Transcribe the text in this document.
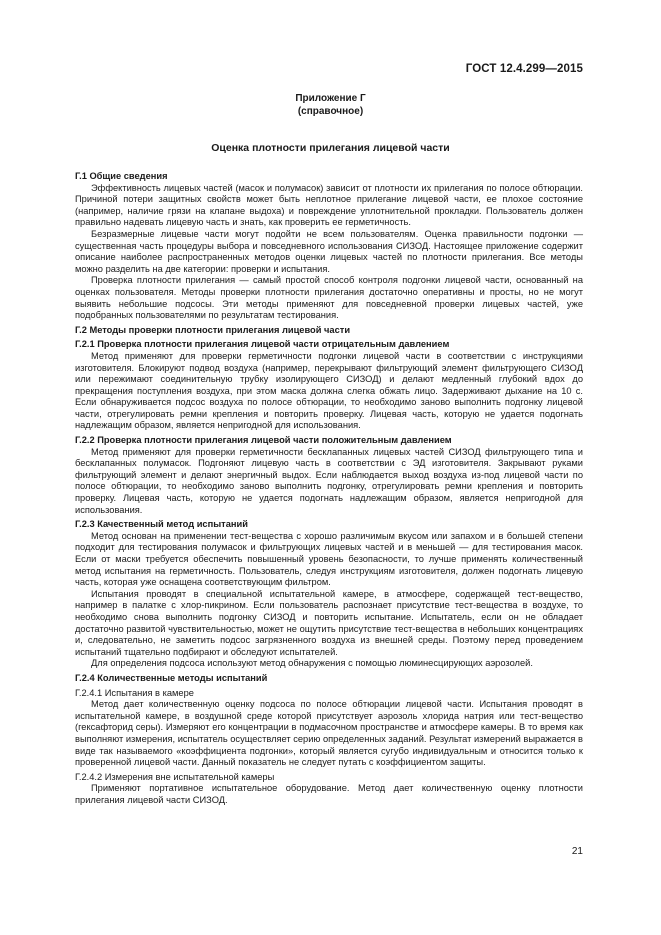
ГОСТ 12.4.299—2015
Приложение Г
(справочное)
Оценка плотности прилегания лицевой части

Г.1 Общие сведения

Эффективность лицевых частей (масок и полумасок) зависит от плотности их прилегания по полосе обтюрации. Причиной потери защитных свойств может быть неплотное прилегание лицевой части, ее плохое состояние (например, наличие грязи на клапане выдоха) и повреждение уплотнительной прокладки. Пользователь должен правильно надевать лицевую часть и знать, как проверить ее герметичность.

Безразмерные лицевые части могут подойти не всем пользователям. Оценка правильности подгонки — существенная часть процедуры выбора и повседневного использования СИЗОД. Настоящее приложение содержит описание наиболее распространенных методов оценки лицевых частей по плотности прилегания. Все методы можно разделить на две категории: проверки и испытания.

Проверка плотности прилегания — самый простой способ контроля подгонки лицевой части, основанный на оценках пользователя. Методы проверки плотности прилегания достаточно оперативны и просты, но не могут выявить небольшие подсосы. Эти методы применяют для повседневной проверки лицевых частей, уже подобранных пользователями по результатам тестирования.

Г.2 Методы проверки плотности прилегания лицевой части

Г.2.1 Проверка плотности прилегания лицевой части отрицательным давлением

Метод применяют для проверки герметичности подгонки лицевой части в соответствии с инструкциями изготовителя. Блокируют подвод воздуха (например, перекрывают фильтрующий элемент фильтрующего СИЗОД или пережимают соединительную трубку изолирующего СИЗОД) и делают медленный глубокий вдох до прекращения поступления воздуха, при этом маска должна слегка обжать лицо. Задерживают дыхание на 10 с. Если обнаруживается подсос воздуха по полосе обтюрации, то необходимо заново выполнить подгонку лицевой части, отрегулировать ремни крепления и повторить проверку. Лицевая часть, которую не удается подогнать надлежащим образом, является непригодной для использования.

Г.2.2 Проверка плотности прилегания лицевой части положительным давлением

Метод применяют для проверки герметичности бесклапанных лицевых частей СИЗОД фильтрующего типа и бесклапанных полумасок. Подгоняют лицевую часть в соответствии с ЭД изготовителя. Закрывают руками фильтрующий элемент и делают энергичный выдох. Если наблюдается выход воздуха из-под лицевой части по полосе обтюрации, то необходимо заново выполнить подгонку, отрегулировать ремни крепления и повторить проверку. Лицевая часть, которую не удается подогнать надлежащим образом, является непригодной для использования.

Г.2.3 Качественный метод испытаний

Метод основан на применении тест-вещества с хорошо различимым вкусом или запахом и в большей степени подходит для тестирования полумасок и фильтрующих лицевых частей и в меньшей — для тестирования масок. Если от маски требуется обеспечить повышенный уровень безопасности, то лучше применять количественный метод испытания на герметичность. Пользователь, следуя инструкциям изготовителя, должен подогнать лицевую часть, которая уже оснащена соответствующим фильтром.

Испытания проводят в специальной испытательной камере, в атмосфере, содержащей тест-вещество, например в палатке с хлор-пикрином. Если пользователь распознает присутствие тест-вещества в воздухе, то необходимо снова выполнить подгонку СИЗОД и повторить испытание. Испытатель, если он не обладает достаточно развитой чувствительностью, может не ощутить присутствие тест-вещества в небольших концентрациях и, следовательно, не заметить подсос загрязненного воздуха из внешней среды. Поэтому перед проведением испытаний тщательно подбирают и обследуют испытателей.

Для определения подсоса используют метод обнаружения с помощью люминесцирующих аэрозолей.

Г.2.4 Количественные методы испытаний

Г.2.4.1 Испытания в камере

Метод дает количественную оценку подсоса по полосе обтюрации лицевой части. Испытания проводят в испытательной камере, в воздушной среде которой присутствует аэрозоль хлорида натрия или тест-вещество (гексафторид серы). Измеряют его концентрации в подмасочном пространстве и атмосфере камеры. В то время как выполняют измерения, испытатель осуществляет серию определенных заданий. Результат измерений выражается в виде так называемого «коэффициента подгонки», который является сугубо индивидуальным и относится только к проверенной лицевой части. Данный показатель не следует путать с коэффициентом защиты.

Г.2.4.2 Измерения вне испытательной камеры

Применяют портативное испытательное оборудование. Метод дает количественную оценку плотности прилегания лицевой части СИЗОД.

21
